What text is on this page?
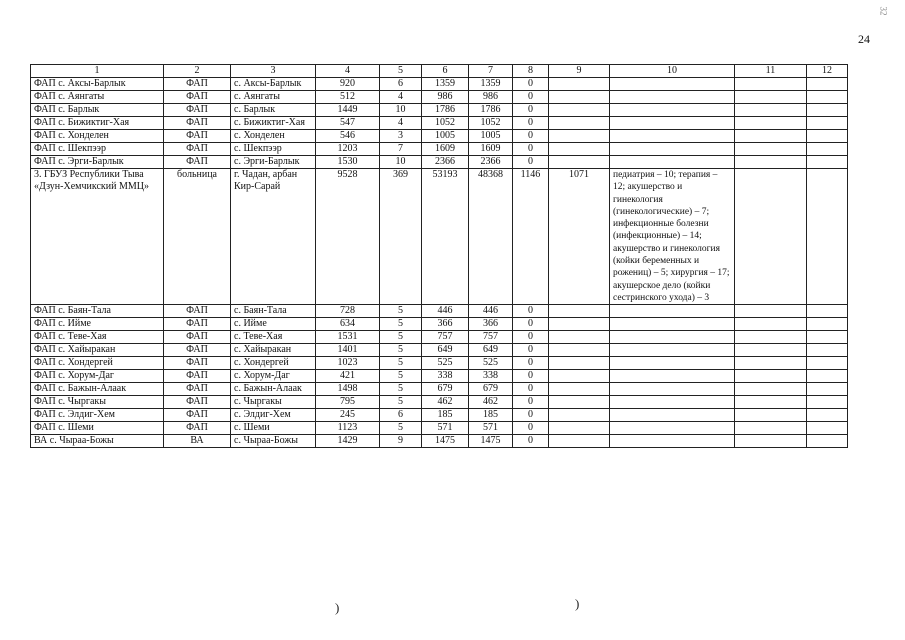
32
24
1	2	3	4	5	6	7	8	9	10	11	12
ФАП с. Аксы-Барлык	ФАП	с. Аксы-Барлык	920	6	1359	1359	0				
ФАП с. Аянгаты	ФАП	с. Аянгаты	512	4	986	986	0				
ФАП с. Барлык	ФАП	с. Барлык	1449	10	1786	1786	0				
ФАП с. Бижиктиг-Хая	ФАП	с. Бижиктиг-Хая	547	4	1052	1052	0				
ФАП с. Хонделен	ФАП	с. Хонделен	546	3	1005	1005	0				
ФАП с. Шекпээр	ФАП	с. Шекпээр	1203	7	1609	1609	0				
ФАП с. Эрги-Барлык	ФАП	с. Эрги-Барлык	1530	10	2366	2366	0				
3. ГБУЗ Республики Тыва «Дзун-Хемчикский ММЦ»	больница	г. Чадан, арбан Кир-Сарай	9528	369	53193	48368	1146	1071	педиатрия – 10; терапия – 12; акушерство и гинекология (гинекологические) – 7; инфекционные болезни (инфекционные) – 14; акушерство и гинекология (койки беременных и рожениц) – 5; хирургия – 17; акушерское дело (койки сестринского ухода) – 3		
ФАП с. Баян-Тала	ФАП	с. Баян-Тала	728	5	446	446	0				
ФАП с. Ийме	ФАП	с. Ийме	634	5	366	366	0				
ФАП с. Теве-Хая	ФАП	с. Теве-Хая	1531	5	757	757	0				
ФАП с. Хайыракан	ФАП	с. Хайыракан	1401	5	649	649	0				
ФАП с. Хондергей	ФАП	с. Хондергей	1023	5	525	525	0				
ФАП с. Хорум-Даг	ФАП	с. Хорум-Даг	421	5	338	338	0				
ФАП с. Бажын-Алаак	ФАП	с. Бажын-Алаак	1498	5	679	679	0				
ФАП с. Чыргакы	ФАП	с. Чыргакы	795	5	462	462	0				
ФАП с. Элдиг-Хем	ФАП	с. Элдиг-Хем	245	6	185	185	0				
ФАП с. Шеми	ФАП	с. Шеми	1123	5	571	571	0				
ВА с. Чыраа-Божы	ВА	с. Чыраа-Божы	1429	9	1475	1475	0				
)	)
